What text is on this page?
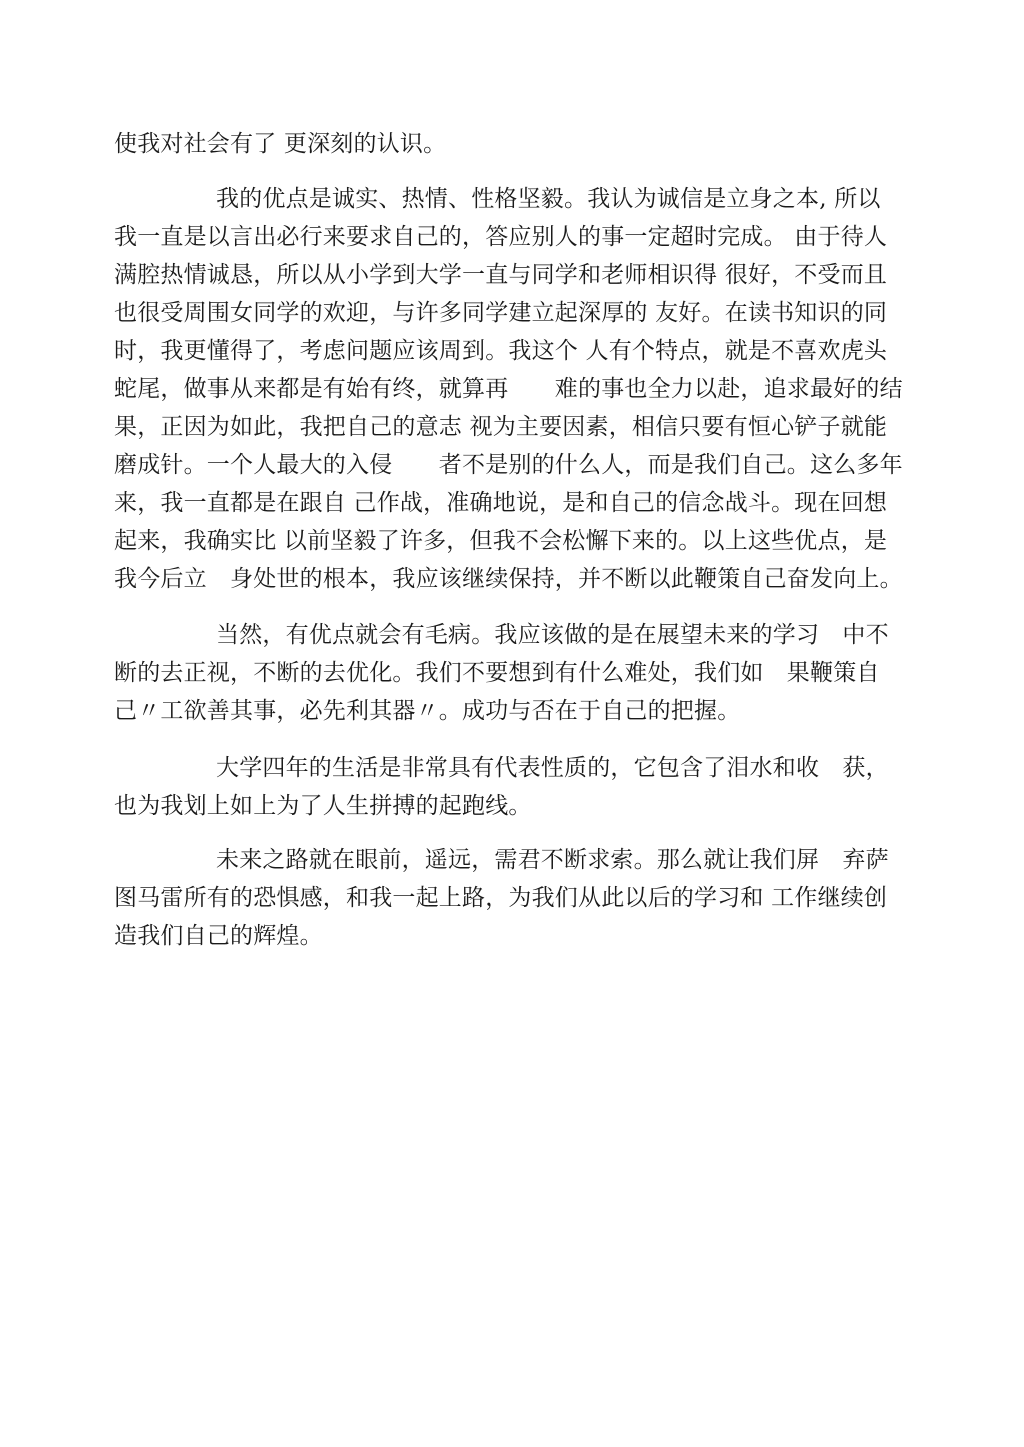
使我对社会有了 更深刻的认识。
我的优点是诚实、热情、性格坚毅。我认为诚信是立身之本, 所以
我一直是以言出必行来要求自己的，答应别人的事一定超时完成。 由于待人
满腔热情诚恳，所以从小学到大学一直与同学和老师相识得 很好，不受而且
也很受周围女同学的欢迎，与许多同学建立起深厚的 友好。在读书知识的同
时，我更懂得了，考虑问题应该周到。我这个 人有个特点，就是不喜欢虎头
蛇尾，做事从来都是有始有终，就算再　　难的事也全力以赴，追求最好的结
果，正因为如此，我把自己的意志 视为主要因素，相信只要有恒心铲子就能
磨成针。一个人最大的入侵　　者不是别的什么人，而是我们自己。这么多年
来，我一直都是在跟自 己作战，准确地说，是和自己的信念战斗。现在回想
起来，我确实比 以前坚毅了许多，但我不会松懈下来的。以上这些优点，是
我今后立　身处世的根本，我应该继续保持，并不断以此鞭策自己奋发向上。
当然，有优点就会有毛病。我应该做的是在展望未来的学习　中不
断的去正视，不断的去优化。我们不要想到有什么难处，我们如　果鞭策自
己〃工欲善其事，必先利其器〃。成功与否在于自己的把握。
大学四年的生活是非常具有代表性质的，它包含了泪水和收　获，
也为我划上如上为了人生拼搏的起跑线。
未来之路就在眼前，遥远，需君不断求索。那么就让我们屏　弃萨
图马雷所有的恐惧感，和我一起上路，为我们从此以后的学习和 工作继续创
造我们自己的辉煌。
